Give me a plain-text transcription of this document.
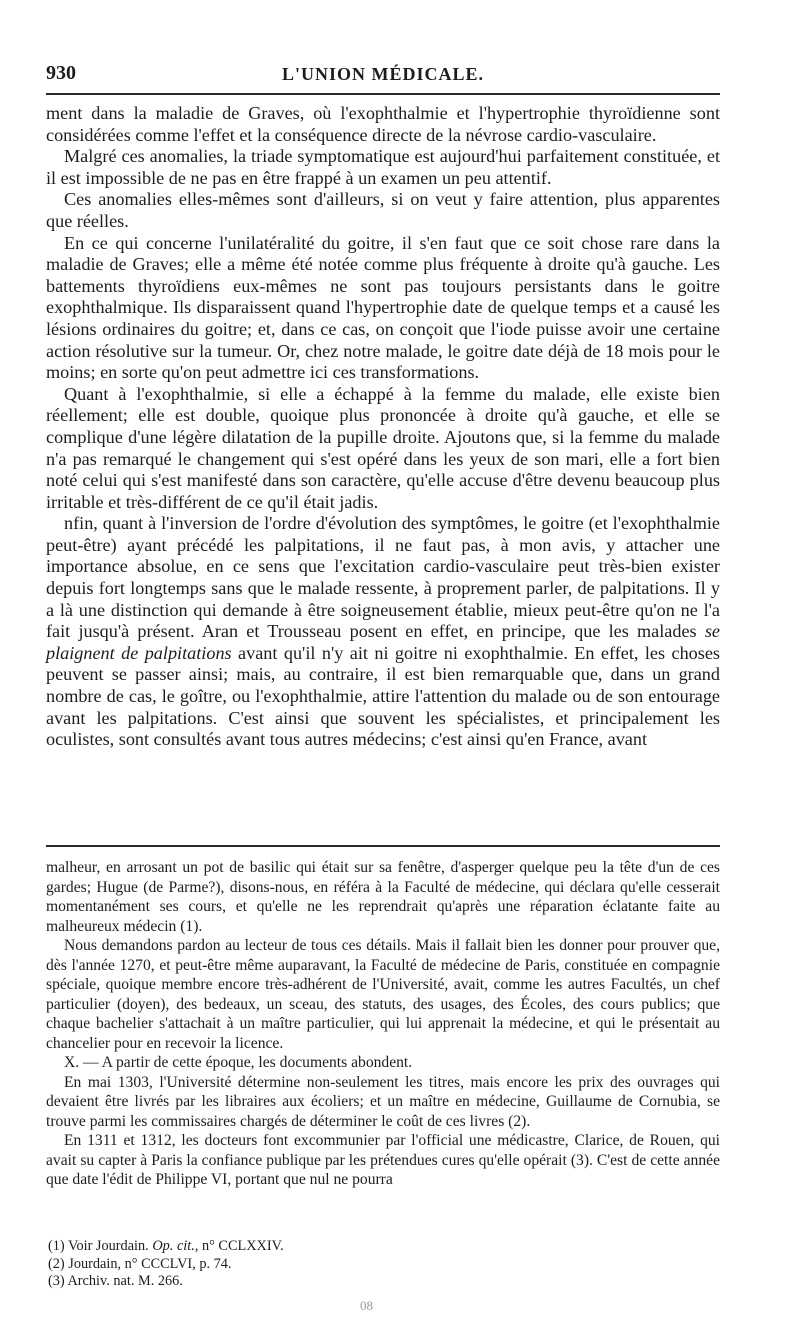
930	L'UNION MÉDICALE.

ment dans la maladie de Graves, où l'exophthalmie et l'hypertrophie thyroïdienne sont considérées comme l'effet et la conséquence directe de la névrose cardio-vasculaire.

Malgré ces anomalies, la triade symptomatique est aujourd'hui parfaitement constituée, et il est impossible de ne pas en être frappé à un examen un peu attentif.

Ces anomalies elles-mêmes sont d'ailleurs, si on veut y faire attention, plus apparentes que réelles.

En ce qui concerne l'unilatéralité du goitre, il s'en faut que ce soit chose rare dans la maladie de Graves; elle a même été notée comme plus fréquente à droite qu'à gauche. Les battements thyroïdiens eux-mêmes ne sont pas toujours persistants dans le goitre exophthalmique. Ils disparaissent quand l'hypertrophie date de quelque temps et a causé les lésions ordinaires du goitre; et, dans ce cas, on conçoit que l'iode puisse avoir une certaine action résolutive sur la tumeur. Or, chez notre malade, le goitre date déjà de 18 mois pour le moins; en sorte qu'on peut admettre ici ces transformations.

Quant à l'exophthalmie, si elle a échappé à la femme du malade, elle existe bien réellement; elle est double, quoique plus prononcée à droite qu'à gauche, et elle se complique d'une légère dilatation de la pupille droite. Ajoutons que, si la femme du malade n'a pas remarqué le changement qui s'est opéré dans les yeux de son mari, elle a fort bien noté celui qui s'est manifesté dans son caractère, qu'elle accuse d'être devenu beaucoup plus irritable et très-différent de ce qu'il était jadis.

nfin, quant à l'inversion de l'ordre d'évolution des symptômes, le goitre (et l'exophthalmie peut-être) ayant précédé les palpitations, il ne faut pas, à mon avis, y attacher une importance absolue, en ce sens que l'excitation cardio-vasculaire peut très-bien exister depuis fort longtemps sans que le malade ressente, à proprement parler, de palpitations. Il y a là une distinction qui demande à être soigneusement établie, mieux peut-être qu'on ne l'a fait jusqu'à présent. Aran et Trousseau posent en effet, en principe, que les malades se plaignent de palpitations avant qu'il n'y ait ni goitre ni exophthalmie. En effet, les choses peuvent se passer ainsi; mais, au contraire, il est bien remarquable que, dans un grand nombre de cas, le goître, ou l'exophthalmie, attire l'attention du malade ou de son entourage avant les palpitations. C'est ainsi que souvent les spécialistes, et principalement les oculistes, sont consultés avant tous autres médecins; c'est ainsi qu'en France, avant

malheur, en arrosant un pot de basilic qui était sur sa fenêtre, d'asperger quelque peu la tête d'un de ces gardes; Hugue (de Parme?), disons-nous, en référa à la Faculté de médecine, qui déclara qu'elle cesserait momentanément ses cours, et qu'elle ne les reprendrait qu'après une réparation éclatante faite au malheureux médecin (1).

Nous demandons pardon au lecteur de tous ces détails. Mais il fallait bien les donner pour prouver que, dès l'année 1270, et peut-être même auparavant, la Faculté de médecine de Paris, constituée en compagnie spéciale, quoique membre encore très-adhérent de l'Université, avait, comme les autres Facultés, un chef particulier (doyen), des bedeaux, un sceau, des statuts, des usages, des Écoles, des cours publics; que chaque bachelier s'attachait à un maître particulier, qui lui apprenait la médecine, et qui le présentait au chancelier pour en recevoir la licence.

X. — A partir de cette époque, les documents abondent.

En mai 1303, l'Université détermine non-seulement les titres, mais encore les prix des ouvrages qui devaient être livrés par les libraires aux écoliers; et un maître en médecine, Guillaume de Cornubia, se trouve parmi les commissaires chargés de déterminer le coût de ces livres (2).

En 1311 et 1312, les docteurs font excommunier par l'official une médicastre, Clarice, de Rouen, qui avait su capter à Paris la confiance publique par les prétendues cures qu'elle opérait (3). C'est de cette année que date l'édit de Philippe VI, portant que nul ne pourra

(1) Voir Jourdain. Op. cit., n° CCLXXIV.

(2) Jourdain, n° CCCLVI, p. 74.

(3) Archiv. nat. M. 266.

08
